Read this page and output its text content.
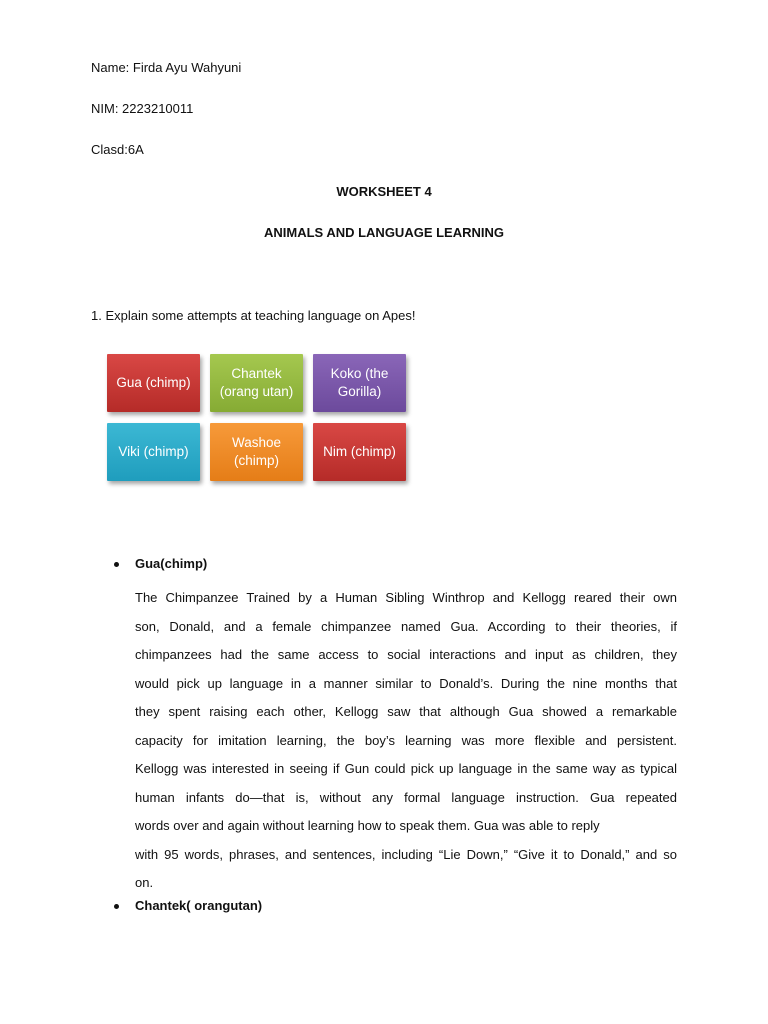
Name: Firda Ayu Wahyuni
NIM: 2223210011
Clasd:6A
WORKSHEET 4
ANIMALS AND LANGUAGE LEARNING
1. Explain some attempts at teaching language on Apes!
Gua (chimp)
Chantek (orang utan)
Koko (the Gorilla)
Viki (chimp)
Washoe (chimp)
Nim (chimp)
Gua(chimp)
The Chimpanzee Trained by a Human Sibling Winthrop and Kellogg reared their own
son, Donald, and a female chimpanzee named Gua. According to their theories, if
chimpanzees had the same access to social interactions and input as children, they
would pick up language in a manner similar to Donald’s. During the nine months that
they spent raising each other, Kellogg saw that although Gua showed a remarkable
capacity for imitation learning, the boy’s learning was more flexible and persistent.
Kellogg was interested in seeing if Gun could pick up language in the same way as typical
human infants do—that is, without any formal language instruction. Gua repeated
words over and again without learning how to speak them. Gua was able to reply
with 95 words, phrases, and sentences, including “Lie Down,” “Give it to Donald,” and so
on.
Chantek( orangutan)
